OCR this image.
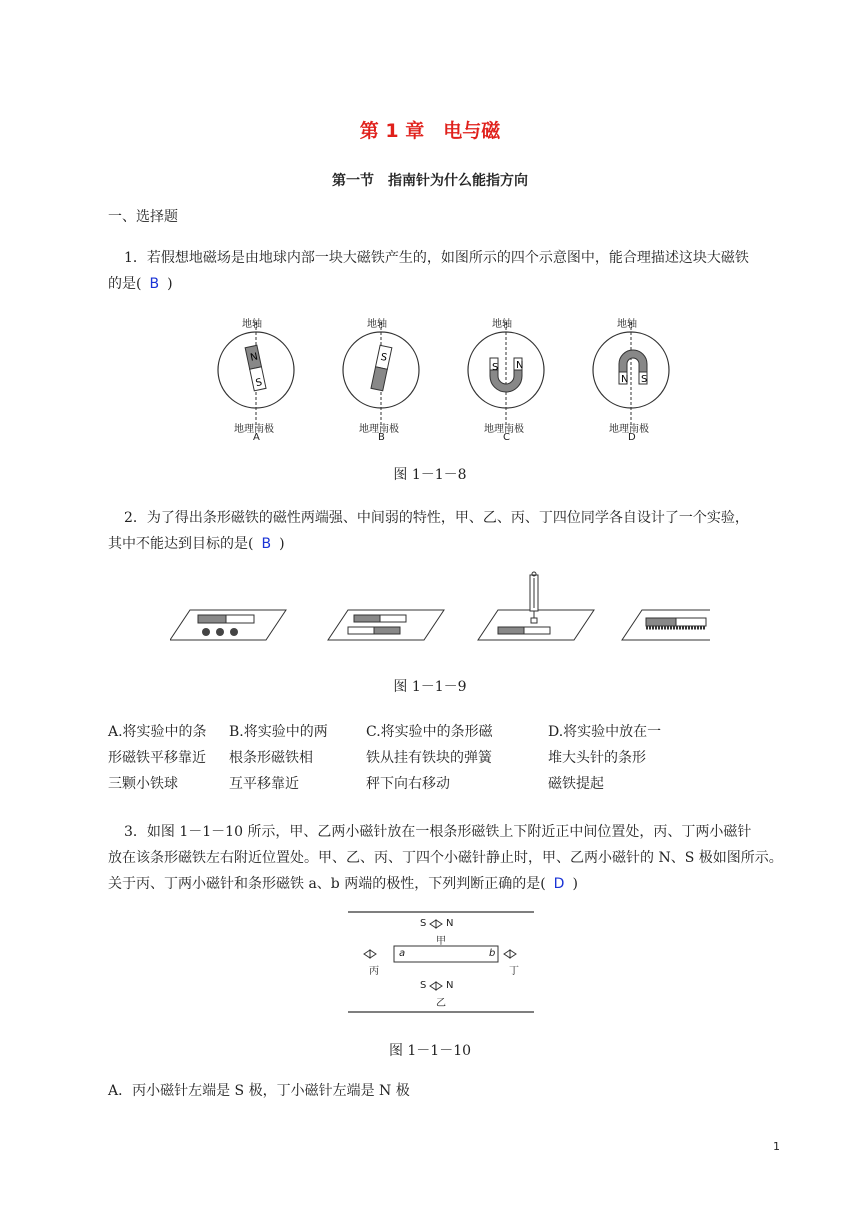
第 1 章　电与磁
第一节　指南针为什么能指方向
一、选择题
1．若假想地磁场是由地球内部一块大磁铁产生的，如图所示的四个示意图中，能合理描述这块大磁铁
的是( B )
N
S
S
S N
N S
地轴	地轴	地轴	地轴
地理南极	地理南极	地理南极	地理南极
A	B	C	D
图 1－1－8
2．为了得出条形磁铁的磁性两端强、中间弱的特性，甲、乙、丙、丁四位同学各自设计了一个实验，
其中不能达到目标的是( B )
图 1－1－9
A.将实验中的条
形磁铁平移靠近
三颗小铁球
B.将实验中的两
根条形磁铁相
互平移靠近
C.将实验中的条形磁
铁从挂有铁块的弹簧
秤下向右移动
D.将实验中放在一
堆大头针的条形
磁铁提起
3．如图 1－1－10 所示，甲、乙两小磁针放在一根条形磁铁上下附近正中间位置处，丙、丁两小磁针
放在该条形磁铁左右附近位置处。甲、乙、丙、丁四个小磁针静止时，甲、乙两小磁针的 N、S 极如图所示。
关于丙、丁两小磁针和条形磁铁 a、b 两端的极性，下列判断正确的是( D )
S N
甲
a	b
丙	丁
S N
乙
图 1－1－10
A．丙小磁针左端是 S 极，丁小磁针左端是 N 极
1
